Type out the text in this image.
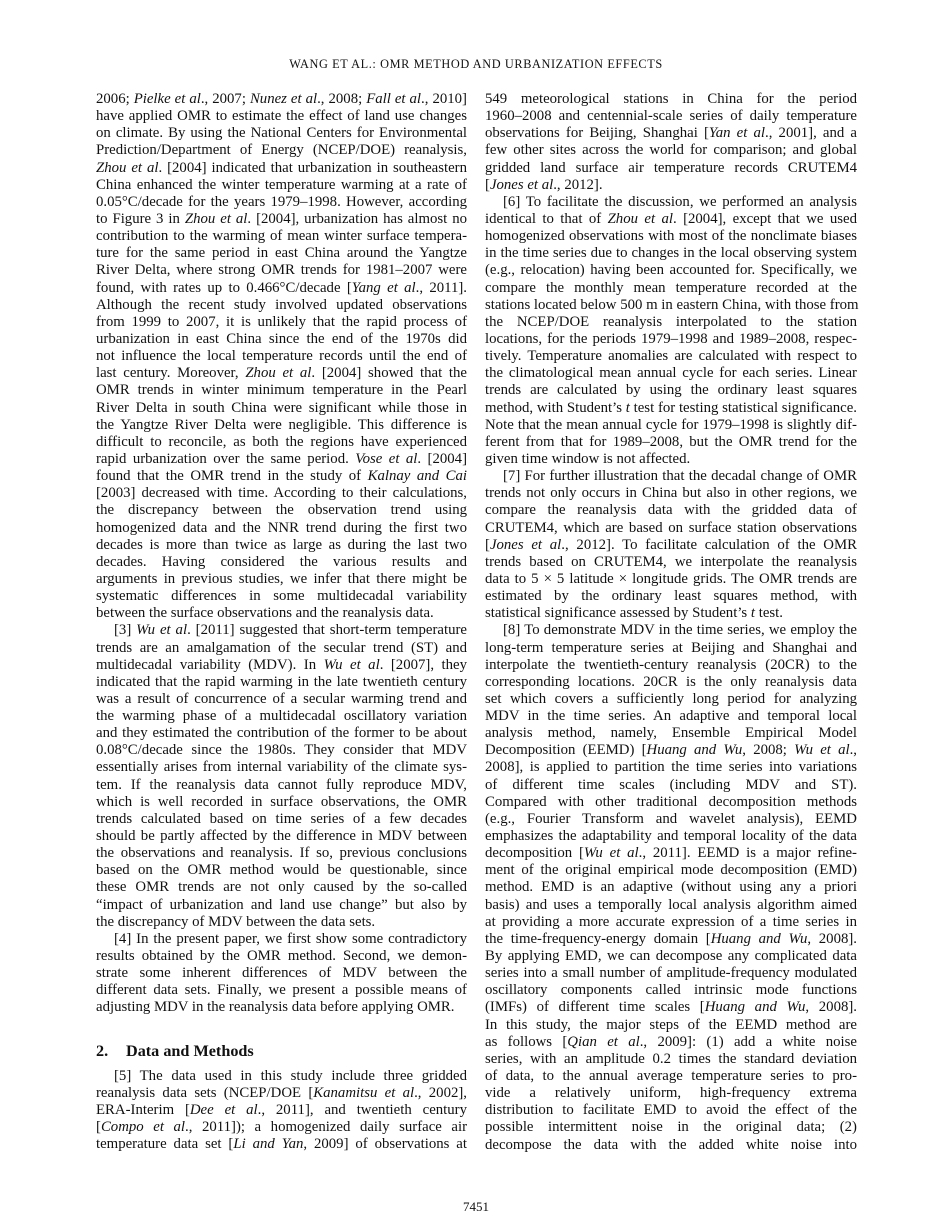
WANG ET AL.: OMR METHOD AND URBANIZATION EFFECTS
2006; Pielke et al., 2007; Nunez et al., 2008; Fall et al., 2010]
have applied OMR to estimate the effect of land use changes
on climate. By using the National Centers for Environmental
Prediction/Department of Energy (NCEP/DOE) reanalysis,
Zhou et al. [2004] indicated that urbanization in southeastern
China enhanced the winter temperature warming at a rate of
0.05°C/decade for the years 1979–1998. However, according
to Figure 3 in Zhou et al. [2004], urbanization has almost no
contribution to the warming of mean winter surface tempera-
ture for the same period in east China around the Yangtze
River Delta, where strong OMR trends for 1981–2007 were
found, with rates up to 0.466°C/decade [Yang et al., 2011].
Although the recent study involved updated observations
from 1999 to 2007, it is unlikely that the rapid process of
urbanization in east China since the end of the 1970s did
not influence the local temperature records until the end of
last century. Moreover, Zhou et al. [2004] showed that the
OMR trends in winter minimum temperature in the Pearl
River Delta in south China were significant while those in
the Yangtze River Delta were negligible. This difference is
difficult to reconcile, as both the regions have experienced
rapid urbanization over the same period. Vose et al. [2004]
found that the OMR trend in the study of Kalnay and Cai
[2003] decreased with time. According to their calculations,
the discrepancy between the observation trend using
homogenized data and the NNR trend during the first two
decades is more than twice as large as during the last two
decades. Having considered the various results and
arguments in previous studies, we infer that there might be
systematic differences in some multidecadal variability
between the surface observations and the reanalysis data.
[3] Wu et al. [2011] suggested that short-term temperature
trends are an amalgamation of the secular trend (ST) and
multidecadal variability (MDV). In Wu et al. [2007], they
indicated that the rapid warming in the late twentieth century
was a result of concurrence of a secular warming trend and
the warming phase of a multidecadal oscillatory variation
and they estimated the contribution of the former to be about
0.08°C/decade since the 1980s. They consider that MDV
essentially arises from internal variability of the climate sys-
tem. If the reanalysis data cannot fully reproduce MDV,
which is well recorded in surface observations, the OMR
trends calculated based on time series of a few decades
should be partly affected by the difference in MDV between
the observations and reanalysis. If so, previous conclusions
based on the OMR method would be questionable, since
these OMR trends are not only caused by the so-called
“impact of urbanization and land use change” but also by
the discrepancy of MDV between the data sets.
[4] In the present paper, we first show some contradictory
results obtained by the OMR method. Second, we demon-
strate some inherent differences of MDV between the
different data sets. Finally, we present a possible means of
adjusting MDV in the reanalysis data before applying OMR.
2. Data and Methods
[5] The data used in this study include three gridded
reanalysis data sets (NCEP/DOE [Kanamitsu et al., 2002],
ERA-Interim [Dee et al., 2011], and twentieth century
[Compo et al., 2011]); a homogenized daily surface air
temperature data set [Li and Yan, 2009] of observations at
549 meteorological stations in China for the period
1960–2008 and centennial-scale series of daily temperature
observations for Beijing, Shanghai [Yan et al., 2001], and a
few other sites across the world for comparison; and global
gridded land surface air temperature records CRUTEM4
[Jones et al., 2012].
[6] To facilitate the discussion, we performed an analysis
identical to that of Zhou et al. [2004], except that we used
homogenized observations with most of the nonclimate biases
in the time series due to changes in the local observing system
(e.g., relocation) having been accounted for. Specifically, we
compare the monthly mean temperature recorded at the
stations located below 500 m in eastern China, with those from
the NCEP/DOE reanalysis interpolated to the station
locations, for the periods 1979–1998 and 1989–2008, respec-
tively. Temperature anomalies are calculated with respect to
the climatological mean annual cycle for each series. Linear
trends are calculated by using the ordinary least squares
method, with Student’s t test for testing statistical significance.
Note that the mean annual cycle for 1979–1998 is slightly dif-
ferent from that for 1989–2008, but the OMR trend for the
given time window is not affected.
[7] For further illustration that the decadal change of OMR
trends not only occurs in China but also in other regions, we
compare the reanalysis data with the gridded data of
CRUTEM4, which are based on surface station observations
[Jones et al., 2012]. To facilitate calculation of the OMR
trends based on CRUTEM4, we interpolate the reanalysis
data to 5 × 5 latitude × longitude grids. The OMR trends are
estimated by the ordinary least squares method, with
statistical significance assessed by Student’s t test.
[8] To demonstrate MDV in the time series, we employ the
long-term temperature series at Beijing and Shanghai and
interpolate the twentieth-century reanalysis (20CR) to the
corresponding locations. 20CR is the only reanalysis data
set which covers a sufficiently long period for analyzing
MDV in the time series. An adaptive and temporal local
analysis method, namely, Ensemble Empirical Model
Decomposition (EEMD) [Huang and Wu, 2008; Wu et al.,
2008], is applied to partition the time series into variations
of different time scales (including MDV and ST).
Compared with other traditional decomposition methods
(e.g., Fourier Transform and wavelet analysis), EEMD
emphasizes the adaptability and temporal locality of the data
decomposition [Wu et al., 2011]. EEMD is a major refine-
ment of the original empirical mode decomposition (EMD)
method. EMD is an adaptive (without using any a priori
basis) and uses a temporally local analysis algorithm aimed
at providing a more accurate expression of a time series in
the time-frequency-energy domain [Huang and Wu, 2008].
By applying EMD, we can decompose any complicated data
series into a small number of amplitude-frequency modulated
oscillatory components called intrinsic mode functions
(IMFs) of different time scales [Huang and Wu, 2008].
In this study, the major steps of the EEMD method are
as follows [Qian et al., 2009]: (1) add a white noise
series, with an amplitude 0.2 times the standard deviation
of data, to the annual average temperature series to pro-
vide a relatively uniform, high-frequency extrema
distribution to facilitate EMD to avoid the effect of the
possible intermittent noise in the original data; (2)
decompose the data with the added white noise into
7451
